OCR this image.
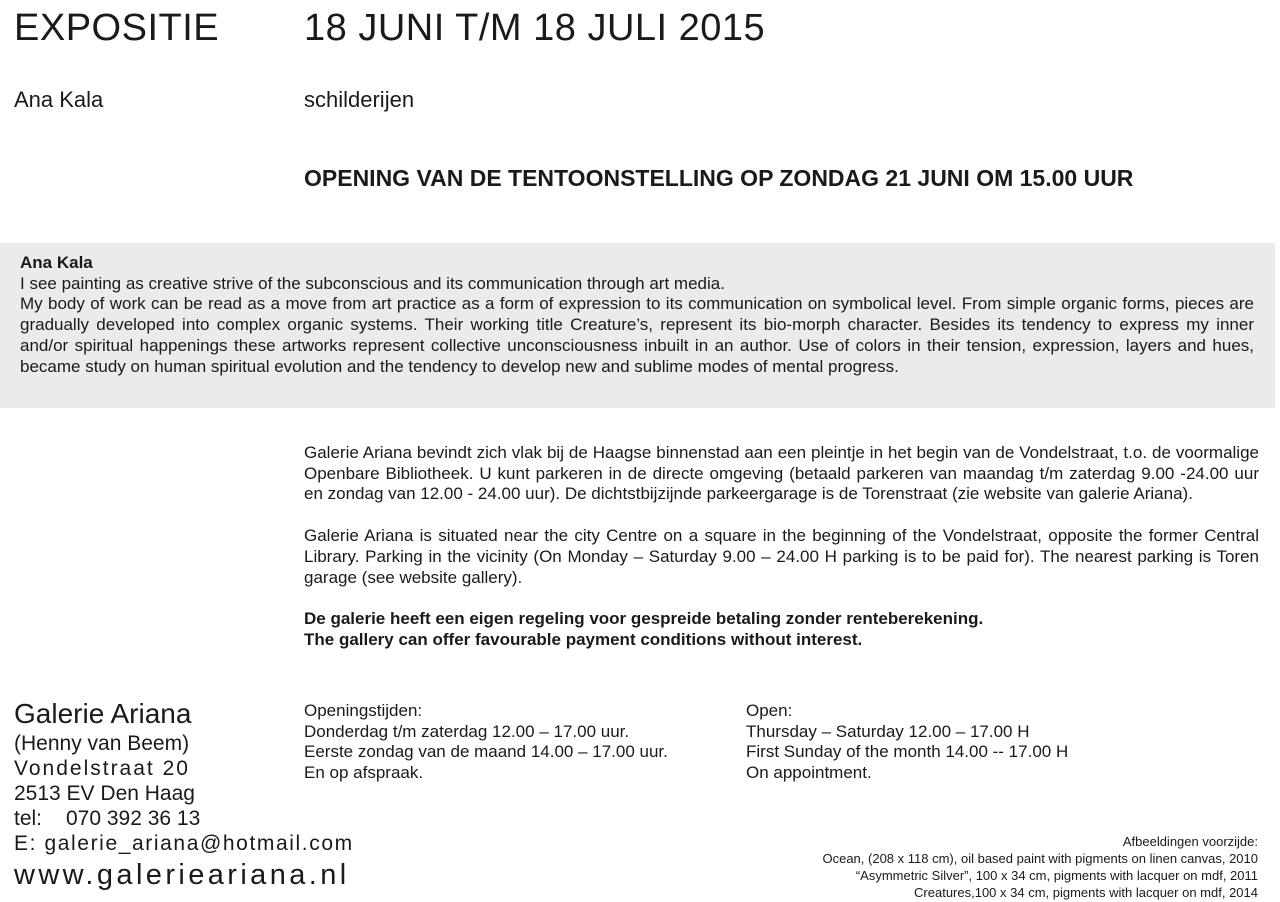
EXPOSITIE 18 JUNI T/M 18 JULI 2015
Ana Kala	schilderijen
OPENING VAN DE TENTOONSTELLING OP ZONDAG 21 JUNI OM 15.00 UUR
Ana Kala
I see painting as creative strive of the subconscious and its communication through art media.
My body of work can be read as a move from art practice as a form of expression to its communication on symbolical level. From simple organic forms, pieces are gradually developed into complex organic systems. Their working title Creature’s, represent its bio-morph character. Besides its tendency to express my inner and/or spiritual happenings these artworks represent collective unconsciousness inbuilt in an author. Use of colors in their tension, expression, layers and hues, became study on human spiritual evolution and the tendency to develop new and sublime modes of mental progress.

Galerie Ariana bevindt zich vlak bij de Haagse binnenstad aan een pleintje in het begin van de Vondelstraat, t.o. de voormalige Openbare Bibliotheek. U kunt parkeren in de directe omgeving (betaald parkeren van maandag t/m zaterdag 9.00 -24.00 uur en zondag van 12.00 - 24.00 uur). De dichtstbijzijnde parkeergarage is de Torenstraat (zie website van galerie Ariana).

Galerie Ariana is situated near the city Centre on a square in the beginning of the Vondelstraat, opposite the former Central Library. Parking in the vicinity (On Monday – Saturday 9.00 – 24.00 H parking is to be paid for). The nearest parking is Toren garage (see website gallery).

De galerie heeft een eigen regeling voor gespreide betaling zonder renteberekening.
The gallery can offer favourable payment conditions without interest.

Openingstijden:
Donderdag t/m zaterdag 12.00 – 17.00 uur.
Eerste zondag van de maand 14.00 – 17.00 uur.
En op afspraak.
Open:
Thursday – Saturday 12.00 – 17.00 H
First Sunday of the month 14.00 -- 17.00 H
On appointment.
Galerie Ariana
(Henny van Beem)
Vondelstraat 20
2513 EV Den Haag
tel: 070 392 36 13
E: galerie_ariana@hotmail.com
www.galerieariana.nl
Afbeeldingen voorzijde:
Ocean, (208 x 118 cm), oil based paint with pigments on linen canvas, 2010
“Asymmetric Silver”, 100 x 34 cm, pigments with lacquer on mdf, 2011
Creatures,100 x 34 cm, pigments with lacquer on mdf, 2014
